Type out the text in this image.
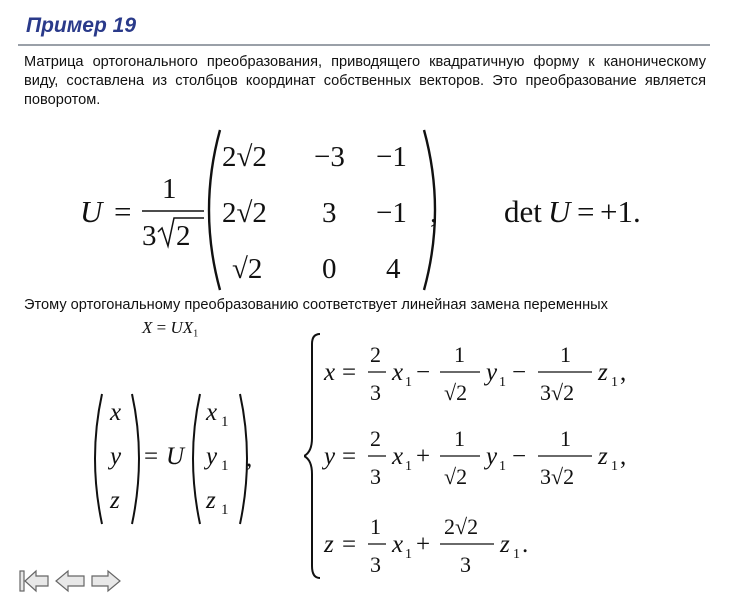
Пример 19
Матрица ортогонального преобразования, приводящего квадратичную форму к каноническому виду, составлена из столбцов координат собственных векторов. Это преобразование является поворотом.
U =
1
3 2
2√2 −3 −1
2√2 3 −1
√2 0 4
, det U = +1.
Этому ортогональному преобразованию соответствует линейная замена переменных
$X = UX_1$
x
y
z
= U
x 1
y 1
z 1
,
x =
2
3
x 1 −
1
√2
y 1 −
1
3√2
z 1 ,
y =
2
3
x 1 +
1
√2
y 1 −
1
3√2
z 1 ,
z =
1
3
x 1 +
2√2
3
z 1 .
